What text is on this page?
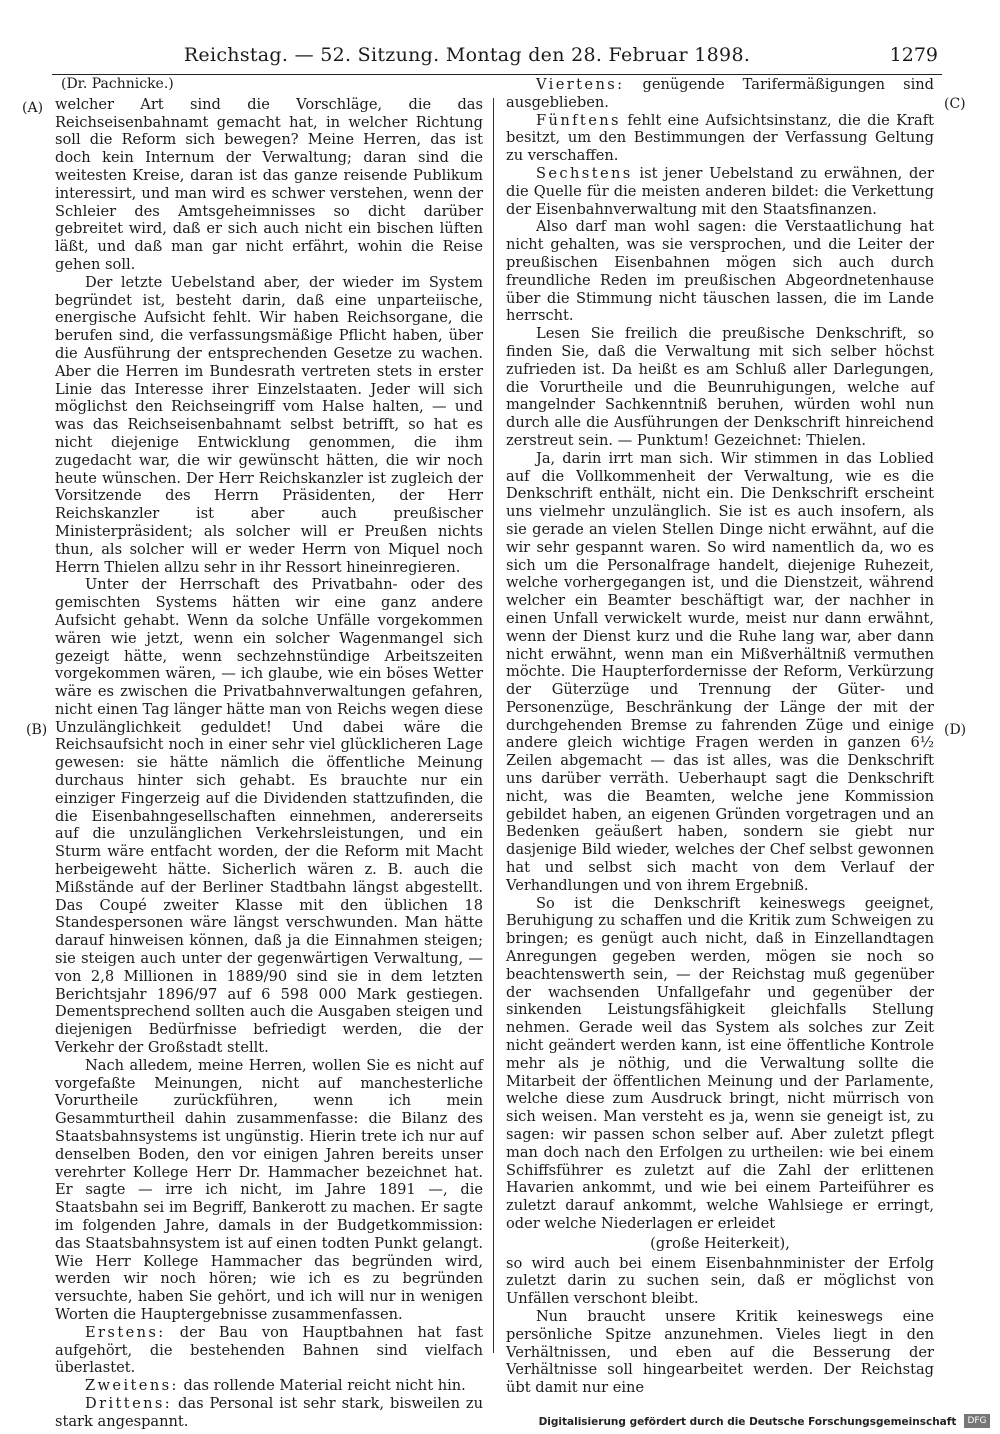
Reichstag. — 52. Sitzung. Montag den 28. Februar 1898.	1279
(A)
(B)
(C)
(D)
(Dr. Pachnicke.)

welcher Art sind die Vorschläge, die das Reichseisenbahnamt gemacht hat, in welcher Richtung soll die Reform sich bewegen? Meine Herren, das ist doch kein Internum der Verwaltung; daran sind die weitesten Kreise, daran ist das ganze reisende Publikum interessirt, und man wird es schwer verstehen, wenn der Schleier des Amtsgeheimnisses so dicht darüber gebreitet wird, daß er sich auch nicht ein bischen lüften läßt, und daß man gar nicht erfährt, wohin die Reise gehen soll.

Der letzte Uebelstand aber, der wieder im System begründet ist, besteht darin, daß eine unparteiische, energische Aufsicht fehlt. Wir haben Reichsorgane, die berufen sind, die verfassungsmäßige Pflicht haben, über die Ausführung der entsprechenden Gesetze zu wachen. Aber die Herren im Bundesrath vertreten stets in erster Linie das Interesse ihrer Einzelstaaten. Jeder will sich möglichst den Reichseingriff vom Halse halten, — und was das Reichseisenbahnamt selbst betrifft, so hat es nicht diejenige Entwicklung genommen, die ihm zugedacht war, die wir gewünscht hätten, die wir noch heute wünschen. Der Herr Reichskanzler ist zugleich der Vorsitzende des Herrn Präsidenten, der Herr Reichskanzler ist aber auch preußischer Ministerpräsident; als solcher will er Preußen nichts thun, als solcher will er weder Herrn von Miquel noch Herrn Thielen allzu sehr in ihr Ressort hineinregieren.

Unter der Herrschaft des Privatbahn- oder des gemischten Systems hätten wir eine ganz andere Aufsicht gehabt. Wenn da solche Unfälle vorgekommen wären wie jetzt, wenn ein solcher Wagenmangel sich gezeigt hätte, wenn sechzehnstündige Arbeitszeiten vorgekommen wären, — ich glaube, wie ein böses Wetter wäre es zwischen die Privatbahnverwaltungen gefahren, nicht einen Tag länger hätte man von Reichs wegen diese Unzulänglichkeit geduldet! Und dabei wäre die Reichsaufsicht noch in einer sehr viel glücklicheren Lage gewesen: sie hätte nämlich die öffentliche Meinung durchaus hinter sich gehabt. Es brauchte nur ein einziger Fingerzeig auf die Dividenden stattzufinden, die die Eisenbahngesellschaften einnehmen, andererseits auf die unzulänglichen Verkehrsleistungen, und ein Sturm wäre entfacht worden, der die Reform mit Macht herbeigeweht hätte. Sicherlich wären z. B. auch die Mißstände auf der Berliner Stadtbahn längst abgestellt. Das Coupé zweiter Klasse mit den üblichen 18 Standespersonen wäre längst verschwunden. Man hätte darauf hinweisen können, daß ja die Einnahmen steigen; sie steigen auch unter der gegenwärtigen Verwaltung, — von 2,8 Millionen in 1889/90 sind sie in dem letzten Berichtsjahr 1896/97 auf 6 598 000 Mark gestiegen. Dementsprechend sollten auch die Ausgaben steigen und diejenigen Bedürfnisse befriedigt werden, die der Verkehr der Großstadt stellt.

Nach alledem, meine Herren, wollen Sie es nicht auf vorgefaßte Meinungen, nicht auf manchesterliche Vorurtheile zurückführen, wenn ich mein Gesammturtheil dahin zusammenfasse: die Bilanz des Staatsbahnsystems ist ungünstig. Hierin trete ich nur auf denselben Boden, den vor einigen Jahren bereits unser verehrter Kollege Herr Dr. Hammacher bezeichnet hat. Er sagte — irre ich nicht, im Jahre 1891 —, die Staatsbahn sei im Begriff, Bankerott zu machen. Er sagte im folgenden Jahre, damals in der Budgetkommission: das Staatsbahnsystem ist auf einen todten Punkt gelangt. Wie Herr Kollege Hammacher das begründen wird, werden wir noch hören; wie ich es zu begründen versuchte, haben Sie gehört, und ich will nur in wenigen Worten die Hauptergebnisse zusammenfassen.

Erstens: der Bau von Hauptbahnen hat fast aufgehört, die bestehenden Bahnen sind vielfach überlastet.

Zweitens: das rollende Material reicht nicht hin.

Drittens: das Personal ist sehr stark, bisweilen zu stark angespannt.

Viertens: genügende Tarifermäßigungen sind ausgeblieben.

Fünftens fehlt eine Aufsichtsinstanz, die die Kraft besitzt, um den Bestimmungen der Verfassung Geltung zu verschaffen.

Sechstens ist jener Uebelstand zu erwähnen, der die Quelle für die meisten anderen bildet: die Verkettung der Eisenbahnverwaltung mit den Staatsfinanzen.

Also darf man wohl sagen: die Verstaatlichung hat nicht gehalten, was sie versprochen, und die Leiter der preußischen Eisenbahnen mögen sich auch durch freundliche Reden im preußischen Abgeordnetenhause über die Stimmung nicht täuschen lassen, die im Lande herrscht.

Lesen Sie freilich die preußische Denkschrift, so finden Sie, daß die Verwaltung mit sich selber höchst zufrieden ist. Da heißt es am Schluß aller Darlegungen, die Vorurtheile und die Beunruhigungen, welche auf mangelnder Sachkenntniß beruhen, würden wohl nun durch alle die Ausführungen der Denkschrift hinreichend zerstreut sein. — Punktum! Gezeichnet: Thielen.

Ja, darin irrt man sich. Wir stimmen in das Loblied auf die Vollkommenheit der Verwaltung, wie es die Denkschrift enthält, nicht ein. Die Denkschrift erscheint uns vielmehr unzulänglich. Sie ist es auch insofern, als sie gerade an vielen Stellen Dinge nicht erwähnt, auf die wir sehr gespannt waren. So wird namentlich da, wo es sich um die Personalfrage handelt, diejenige Ruhezeit, welche vorhergegangen ist, und die Dienstzeit, während welcher ein Beamter beschäftigt war, der nachher in einen Unfall verwickelt wurde, meist nur dann erwähnt, wenn der Dienst kurz und die Ruhe lang war, aber dann nicht erwähnt, wenn man ein Mißverhältniß vermuthen möchte. Die Haupterfordernisse der Reform, Verkürzung der Güterzüge und Trennung der Güter- und Personenzüge, Beschränkung der Länge der mit der durchgehenden Bremse zu fahrenden Züge und einige andere gleich wichtige Fragen werden in ganzen 6½ Zeilen abgemacht — das ist alles, was die Denkschrift uns darüber verräth. Ueberhaupt sagt die Denkschrift nicht, was die Beamten, welche jene Kommission gebildet haben, an eigenen Gründen vorgetragen und an Bedenken geäußert haben, sondern sie giebt nur dasjenige Bild wieder, welches der Chef selbst gewonnen hat und selbst sich macht von dem Verlauf der Verhandlungen und von ihrem Ergebniß.

So ist die Denkschrift keineswegs geeignet, Beruhigung zu schaffen und die Kritik zum Schweigen zu bringen; es genügt auch nicht, daß in Einzellandtagen Anregungen gegeben werden, mögen sie noch so beachtenswerth sein, — der Reichstag muß gegenüber der wachsenden Unfallgefahr und gegenüber der sinkenden Leistungsfähigkeit gleichfalls Stellung nehmen. Gerade weil das System als solches zur Zeit nicht geändert werden kann, ist eine öffentliche Kontrole mehr als je nöthig, und die Verwaltung sollte die Mitarbeit der öffentlichen Meinung und der Parlamente, welche diese zum Ausdruck bringt, nicht mürrisch von sich weisen. Man versteht es ja, wenn sie geneigt ist, zu sagen: wir passen schon selber auf. Aber zuletzt pflegt man doch nach den Erfolgen zu urtheilen: wie bei einem Schiffsführer es zuletzt auf die Zahl der erlittenen Havarien ankommt, und wie bei einem Parteiführer es zuletzt darauf ankommt, welche Wahlsiege er erringt, oder welche Niederlagen er erleidet

(große Heiterkeit),

so wird auch bei einem Eisenbahnminister der Erfolg zuletzt darin zu suchen sein, daß er möglichst von Unfällen verschont bleibt.

Nun braucht unsere Kritik keineswegs eine persönliche Spitze anzunehmen. Vieles liegt in den Verhältnissen, und eben auf die Besserung der Verhältnisse soll hingearbeitet werden. Der Reichstag übt damit nur eine

Digitalisierung gefördert durch die Deutsche Forschungsgemeinschaft	DFG
